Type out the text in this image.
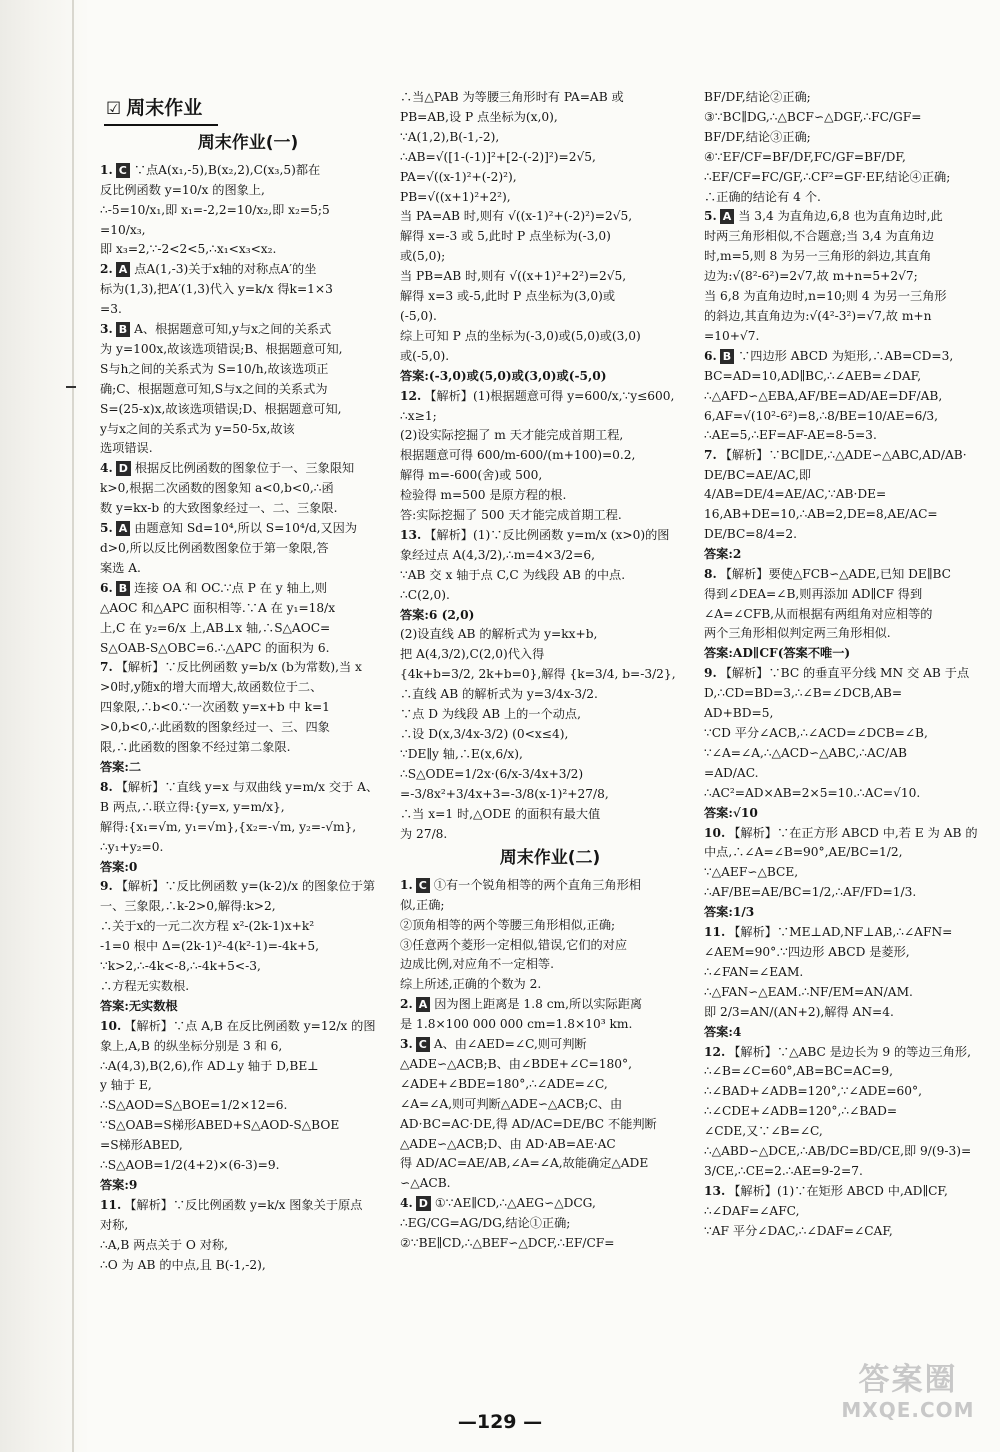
☑ 周末作业
周末作业(一)

1. C ∵点A(x₁,-5),B(x₂,2),C(x₃,5)都在

反比例函数 y=10/x 的图象上,

∴-5=10/x₁,即 x₁=-2,2=10/x₂,即 x₂=5;5

=10/x₃,

即 x₃=2,∵-2<2<5,∴x₁<x₃<x₂.

2. A 点A(1,-3)关于x轴的对称点A′的坐

标为(1,3),把A′(1,3)代入 y=k/x 得k=1×3

=3.

3. B A、根据题意可知,y与x之间的关系式

为 y=100x,故该选项错误;B、根据题意可知,

S与h之间的关系式为 S=10/h,故该选项正

确;C、根据题意可知,S与x之间的关系式为

S=(25-x)x,故该选项错误;D、根据题意可知,

y与x之间的关系式为 y=50-5x,故该

选项错误.

4. D 根据反比例函数的图象位于一、三象限知

k>0,根据二次函数的图象知 a<0,b<0,∴函

数 y=kx-b 的大致图象经过一、二、三象限.

5. A 由题意知 Sd=10⁴,所以 S=10⁴/d,又因为

d>0,所以反比例函数图象位于第一象限,答

案选 A.

6. B 连接 OA 和 OC.∵点 P 在 y 轴上,则

△AOC 和△APC 面积相等.∵A 在 y₁=18/x

上,C 在 y₂=6/x 上,AB⊥x 轴,∴S△AOC=

S△OAB-S△OBC=6.∴△APC 的面积为 6.

7. 【解析】∵反比例函数 y=b/x (b为常数),当 x

>0时,y随x的增大而增大,故函数位于二、

四象限,∴b<0.∵一次函数 y=x+b 中 k=1

>0,b<0,∴此函数的图象经过一、三、四象

限,∴此函数的图象不经过第二象限.

答案:二

8. 【解析】∵直线 y=x 与双曲线 y=m/x 交于 A、

B 两点,∴联立得:{y=x, y=m/x},

解得:{x₁=√m, y₁=√m},{x₂=-√m, y₂=-√m},

∴y₁+y₂=0.

答案:0

9. 【解析】∵反比例函数 y=(k-2)/x 的图象位于第

一、三象限,∴k-2>0,解得:k>2,

∴关于x的一元二次方程 x²-(2k-1)x+k²

-1=0 根中 Δ=(2k-1)²-4(k²-1)=-4k+5,

∵k>2,∴-4k<-8,∴-4k+5<-3,

∴方程无实数根.

答案:无实数根

10. 【解析】∵点 A,B 在反比例函数 y=12/x 的图

象上,A,B 的纵坐标分别是 3 和 6,

∴A(4,3),B(2,6),作 AD⊥y 轴于 D,BE⊥

y 轴于 E,

∴S△AOD=S△BOE=1/2×12=6.

∵S△OAB=S梯形ABED+S△AOD-S△BOE

=S梯形ABED,

∴S△AOB=1/2(4+2)×(6-3)=9.

答案:9

11. 【解析】∵反比例函数 y=k/x 图象关于原点

对称,

∴A,B 两点关于 O 对称,

∴O 为 AB 的中点,且 B(-1,-2),

∴当△PAB 为等腰三角形时有 PA=AB 或

PB=AB,设 P 点坐标为(x,0),

∵A(1,2),B(-1,-2),

∴AB=√([1-(-1)]²+[2-(-2)]²)=2√5,

PA=√((x-1)²+(-2)²),

PB=√((x+1)²+2²),

当 PA=AB 时,则有 √((x-1)²+(-2)²)=2√5,

解得 x=-3 或 5,此时 P 点坐标为(-3,0)

或(5,0);

当 PB=AB 时,则有 √((x+1)²+2²)=2√5,

解得 x=3 或-5,此时 P 点坐标为(3,0)或

(-5,0).

综上可知 P 点的坐标为(-3,0)或(5,0)或(3,0)

或(-5,0).

答案:(-3,0)或(5,0)或(3,0)或(-5,0)

12. 【解析】(1)根据题意可得 y=600/x,∵y≤600,

∴x≥1;

(2)设实际挖掘了 m 天才能完成首期工程,

根据题意可得 600/m-600/(m+100)=0.2,

解得 m=-600(舍)或 500,

检验得 m=500 是原方程的根.

答:实际挖掘了 500 天才能完成首期工程.

13. 【解析】(1)∵反比例函数 y=m/x (x>0)的图

象经过点 A(4,3/2),∴m=4×3/2=6,

∵AB 交 x 轴于点 C,C 为线段 AB 的中点.

∴C(2,0).

答案:6 (2,0)

(2)设直线 AB 的解析式为 y=kx+b,

把 A(4,3/2),C(2,0)代入得

{4k+b=3/2, 2k+b=0},解得 {k=3/4, b=-3/2},

∴直线 AB 的解析式为 y=3/4x-3/2.

∵点 D 为线段 AB 上的一个动点,

∴设 D(x,3/4x-3/2) (0<x≤4),

∵DE∥y 轴,∴E(x,6/x),

∴S△ODE=1/2x·(6/x-3/4x+3/2)

=-3/8x²+3/4x+3=-3/8(x-1)²+27/8,

∴当 x=1 时,△ODE 的面积有最大值

为 27/8.

周末作业(二)

1. C ①有一个锐角相等的两个直角三角形相

似,正确;

②顶角相等的两个等腰三角形相似,正确;

③任意两个菱形一定相似,错误,它们的对应

边成比例,对应角不一定相等.

综上所述,正确的个数为 2.

2. A 因为图上距离是 1.8 cm,所以实际距离

是 1.8×100 000 000 cm=1.8×10³ km.

3. C A、由∠AED=∠C,则可判断

△ADE∽△ACB;B、由∠BDE+∠C=180°,

∠ADE+∠BDE=180°,∴∠ADE=∠C,

∠A=∠A,则可判断△ADE∽△ACB;C、由

AD·BC=AC·DE,得 AD/AC=DE/BC 不能判断

△ADE∽△ACB;D、由 AD·AB=AE·AC

得 AD/AC=AE/AB,∠A=∠A,故能确定△ADE

∽△ACB.

4. D ①∵AE∥CD,∴△AEG∽△DCG,

∴EG/CG=AG/DG,结论①正确;

②∵BE∥CD,∴△BEF∽△DCF,∴EF/CF=

BF/DF,结论②正确;

③∵BC∥DG,∴△BCF∽△DGF,∴FC/GF=

BF/DF,结论③正确;

④∵EF/CF=BF/DF,FC/GF=BF/DF,

∴EF/CF=FC/GF,∴CF²=GF·EF,结论④正确;

∴正确的结论有 4 个.

5. A 当 3,4 为直角边,6,8 也为直角边时,此

时两三角形相似,不合题意;当 3,4 为直角边

时,m=5,则 8 为另一三角形的斜边,其直角

边为:√(8²-6²)=2√7,故 m+n=5+2√7;

当 6,8 为直角边时,n=10;则 4 为另一三角形

的斜边,其直角边为:√(4²-3²)=√7,故 m+n

=10+√7.

6. B ∵四边形 ABCD 为矩形,∴AB=CD=3,

BC=AD=10,AD∥BC,∴∠AEB=∠DAF,

∴△AFD∽△EBA,AF/BE=AD/AE=DF/AB,

6,AF=√(10²-6²)=8,∴8/BE=10/AE=6/3,

∴AE=5,∴EF=AF-AE=8-5=3.

7. 【解析】∵BC∥DE,∴△ADE∽△ABC,AD/AB·

DE/BC=AE/AC,即 4/AB=DE/4=AE/AC,∵AB·DE=

16,AB+DE=10,∴AB=2,DE=8,AE/AC=

DE/BC=8/4=2.

答案:2

8. 【解析】要使△FCB∽△ADE,已知 DE∥BC

得到∠DEA=∠B,则再添加 AD∥CF 得到

∠A=∠CFB,从而根据有两组角对应相等的

两个三角形相似判定两三角形相似.

答案:AD∥CF(答案不唯一)

9. 【解析】∵BC 的垂直平分线 MN 交 AB 于点

D,∴CD=BD=3,∴∠B=∠DCB,AB=

AD+BD=5,

∵CD 平分∠ACB,∴∠ACD=∠DCB=∠B,

∵∠A=∠A,∴△ACD∽△ABC,∴AC/AB

=AD/AC.

∴AC²=AD×AB=2×5=10.∴AC=√10.

答案:√10

10. 【解析】∵在正方形 ABCD 中,若 E 为 AB 的

中点,∴∠A=∠B=90°,AE/BC=1/2,

∵△AEF∽△BCE,

∴AF/BE=AE/BC=1/2,∴AF/FD=1/3.

答案:1/3

11. 【解析】∵ME⊥AD,NF⊥AB,∴∠AFN=

∠AEM=90°.∵四边形 ABCD 是菱形,

∴∠FAN=∠EAM.

∴△FAN∽△EAM.∴NF/EM=AN/AM.

即 2/3=AN/(AN+2),解得 AN=4.

答案:4

12. 【解析】∵△ABC 是边长为 9 的等边三角形,

∴∠B=∠C=60°,AB=BC=AC=9,

∴∠BAD+∠ADB=120°,∵∠ADE=60°,

∴∠CDE+∠ADB=120°,∴∠BAD=

∠CDE,又∵∠B=∠C,

∴△ABD∽△DCE,∴AB/DC=BD/CE,即 9/(9-3)=

3/CE,∴CE=2.∴AE=9-2=7.

13. 【解析】(1)∵在矩形 ABCD 中,AD∥CF,

∴∠DAF=∠AFC,

∵AF 平分∠DAC,∴∠DAF=∠CAF,

—129 —
答案圈
MXQE.COM
